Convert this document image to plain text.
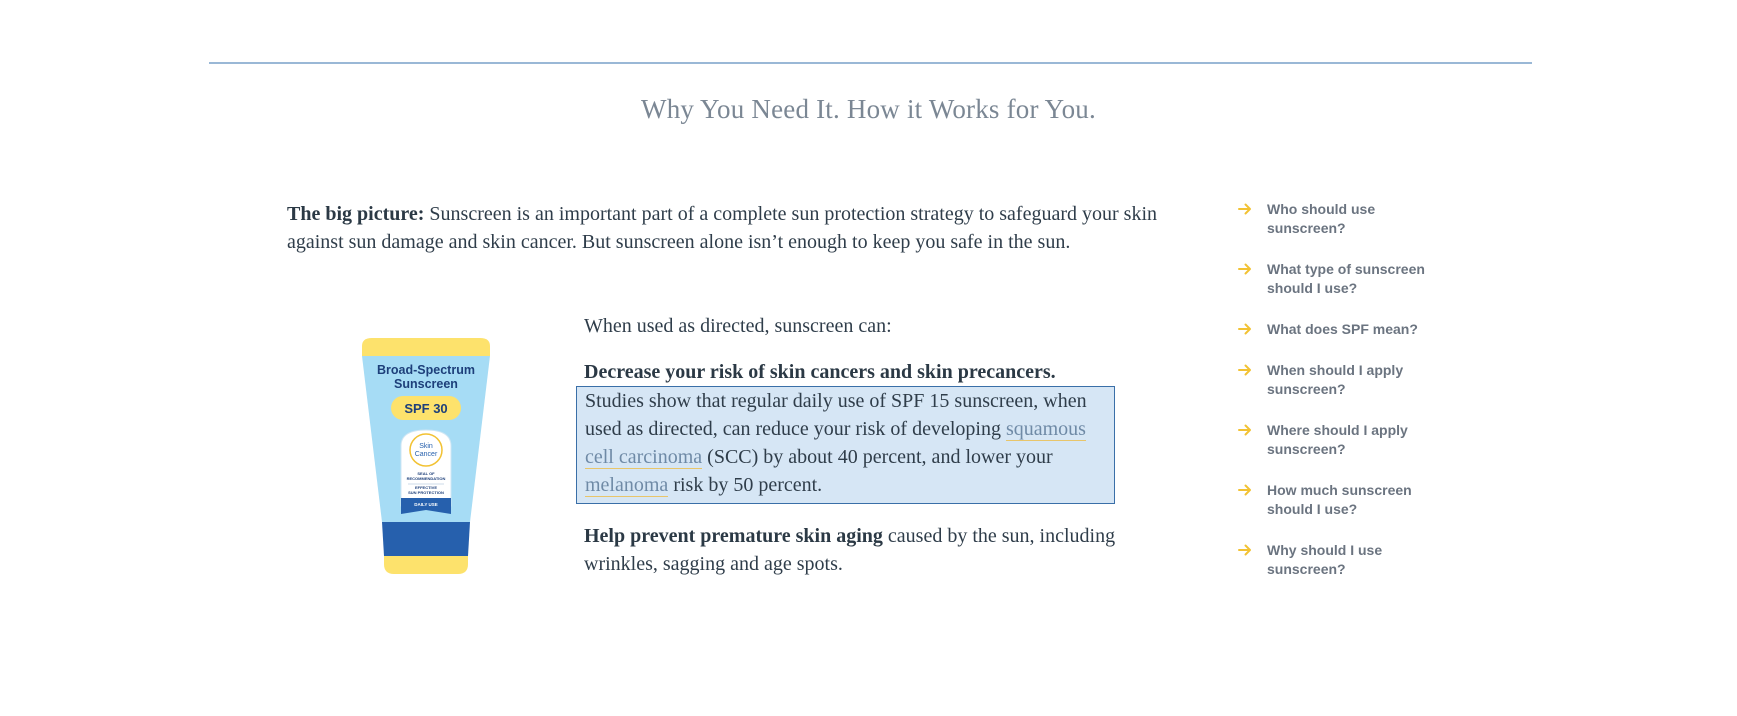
Why You Need It. How it Works for You.

The big picture: Sunscreen is an important part of a complete sun protection strategy to safeguard your skin against sun damage and skin cancer. But sunscreen alone isn’t enough to keep you safe in the sun.

Broad-Spectrum
Sunscreen
SPF 30
Skin
Cancer
SEAL OF
RECOMMENDATION
EFFECTIVE
SUN PROTECTION
DAILY USE

When used as directed, sunscreen can:

Decrease your risk of skin cancers and skin precancers.
Studies show that regular daily use of SPF 15 sunscreen, when used as directed, can reduce your risk of developing squamous cell carcinoma (SCC) by about 40 percent, and lower your melanoma risk by 50 percent.

Help prevent premature skin aging caused by the sun, including wrinkles, sagging and age spots.

Who should use sunscreen?
What type of sunscreen should I use?
What does SPF mean?
When should I apply sunscreen?
Where should I apply sunscreen?
How much sunscreen should I use?
Why should I use sunscreen?
